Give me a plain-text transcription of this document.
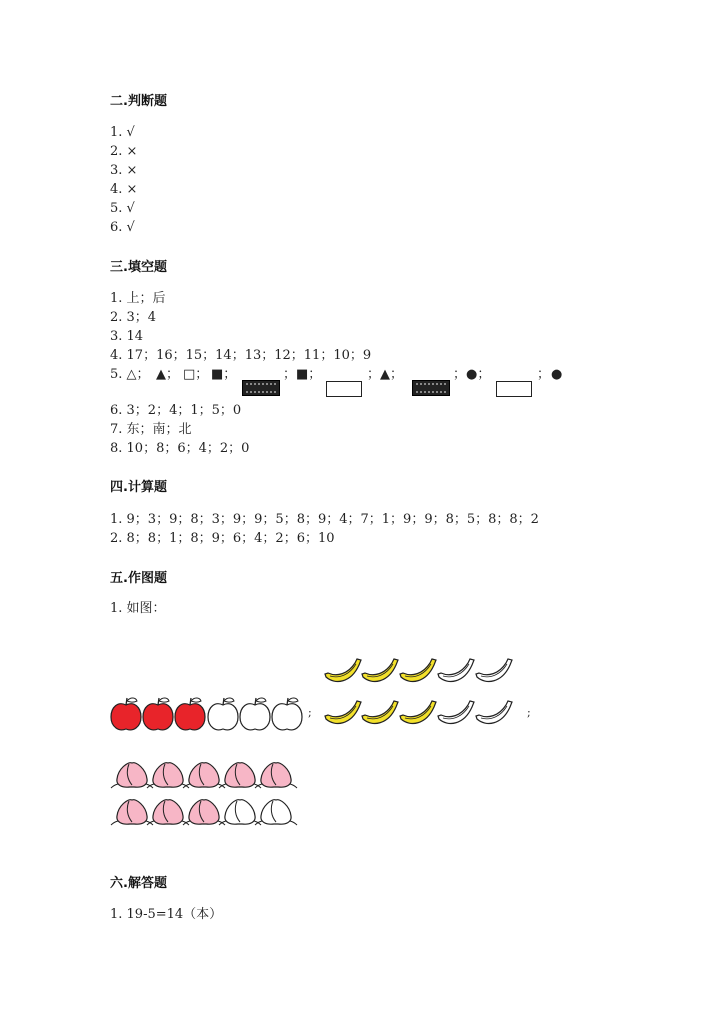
二.判断题
1. √
2. ×
3. ×
4. ×
5. √
6. √
三.填空题
1. 上；后
2. 3；4
3. 14
4. 17；16；15；14；13；12；11；10；9
5. △； ▲； □； ■；	； ■；	； ▲；	； ●；	； ●
6. 3；2；4；1；5；0
7. 东；南；北
8. 10；8；6；4；2；0
四.计算题
1. 9；3；9；8；3；9；9；5；8；9；4；7；1；9；9；8；5；8；8；2
2. 8；8；1；8；9；6；4；2；6；10
五.作图题
1. 如图：
;	;
六.解答题
1. 19-5=14（本）
